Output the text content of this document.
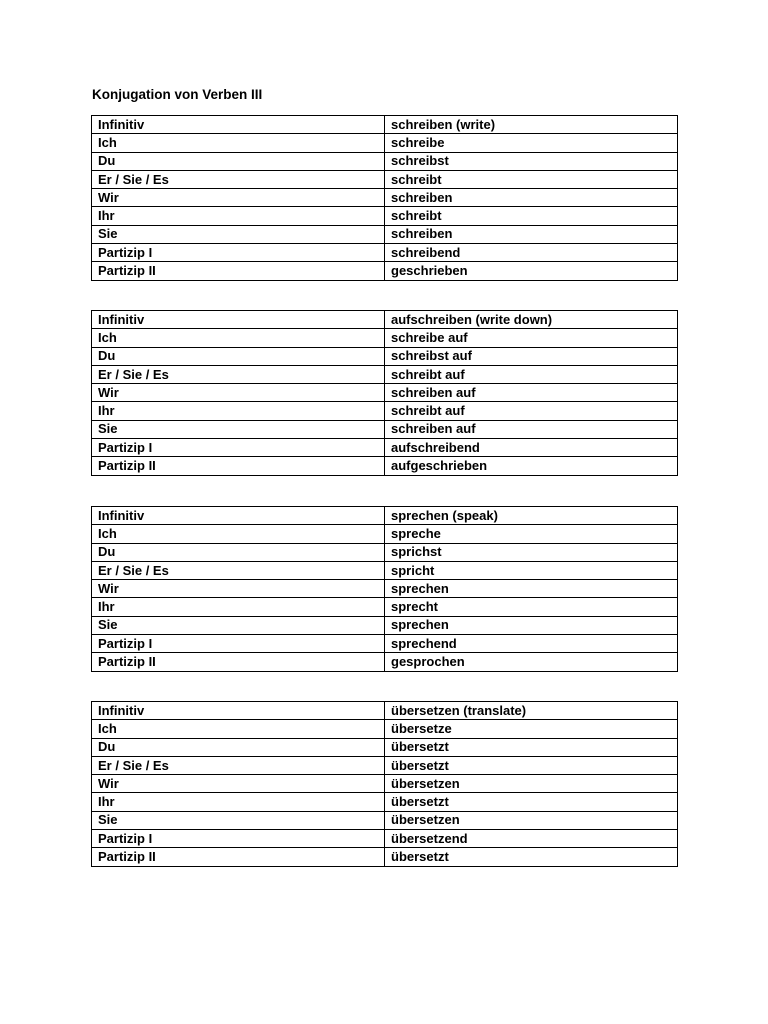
Konjugation von Verben III
Infinitiv	schreiben (write)
Ich	schreibe
Du	schreibst
Er / Sie / Es	schreibt
Wir	schreiben
Ihr	schreibt
Sie	schreiben
Partizip I	schreibend
Partizip II	geschrieben
Infinitiv	aufschreiben (write down)
Ich	schreibe auf
Du	schreibst auf
Er / Sie / Es	schreibt auf
Wir	schreiben auf
Ihr	schreibt auf
Sie	schreiben auf
Partizip I	aufschreibend
Partizip II	aufgeschrieben
Infinitiv	sprechen (speak)
Ich	spreche
Du	sprichst
Er / Sie / Es	spricht
Wir	sprechen
Ihr	sprecht
Sie	sprechen
Partizip I	sprechend
Partizip II	gesprochen
Infinitiv	übersetzen (translate)
Ich	übersetze
Du	übersetzt
Er / Sie / Es	übersetzt
Wir	übersetzen
Ihr	übersetzt
Sie	übersetzen
Partizip I	übersetzend
Partizip II	übersetzt
